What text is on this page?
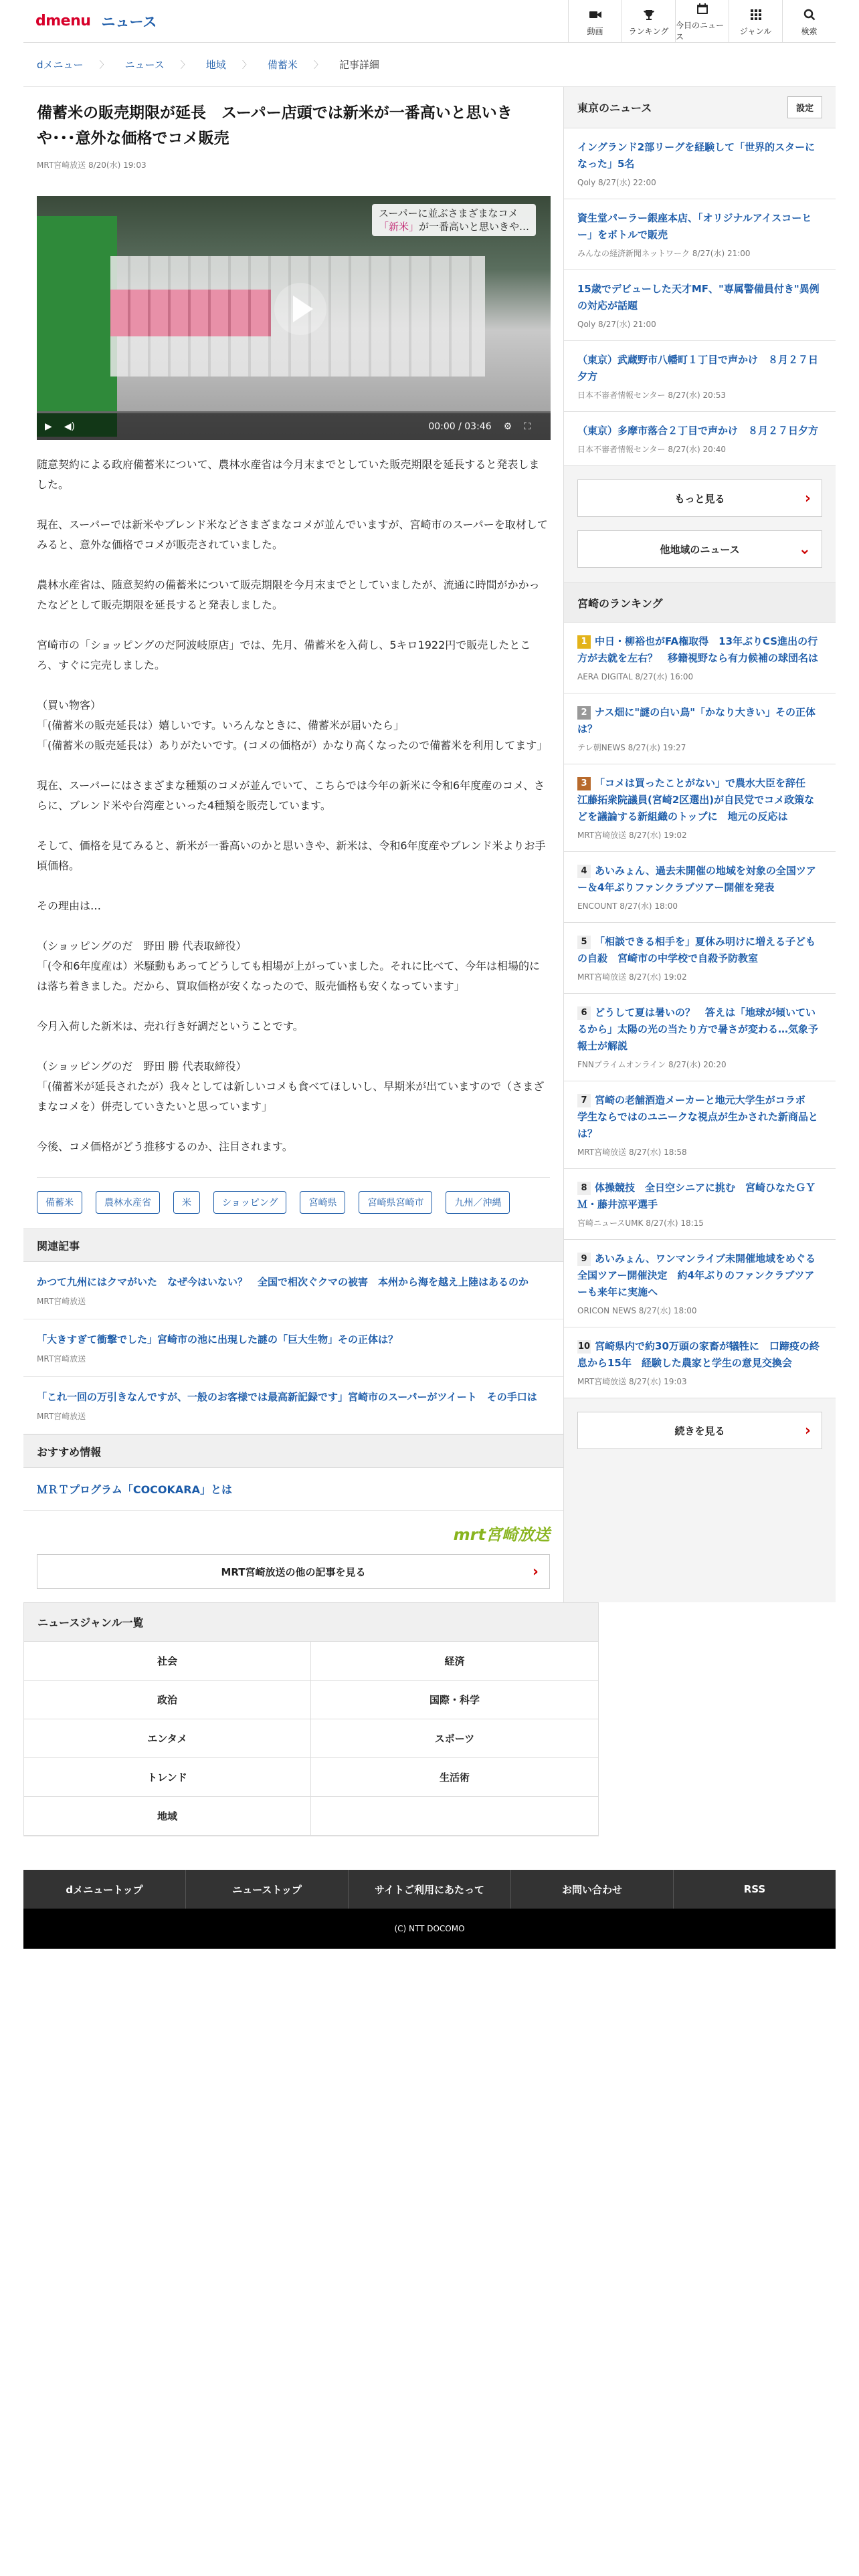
dmenu ニュース
動画	ランキング
今日のニュース
ジャンル	検索
dメニュー 〉 ニュース 〉 地域 〉 備蓄米 〉 記事詳細
備蓄米の販売期限が延長　スーパー店頭では新米が一番高いと思いきや･･･意外な価格でコメ販売
MRT宮崎放送 8/20(水) 19:03
スーパーに並ぶさまざまなコメ
「新米」が一番高いと思いきや…
▶ ◀)	00:00 / 03:46 ⚙ ⛶

随意契約による政府備蓄米について、農林水産省は今月末までとしていた販売期限を延長すると発表しました。

現在、スーパーでは新米やブレンド米などさまざまなコメが並んでいますが、宮崎市のスーパーを取材してみると、意外な価格でコメが販売されていました。

農林水産省は、随意契約の備蓄米について販売期限を今月末までとしていましたが、流通に時間がかかったなどとして販売期限を延長すると発表しました。

宮崎市の「ショッピングのだ阿波岐原店」では、先月、備蓄米を入荷し、5キロ1922円で販売したところ、すぐに完売しました。

（買い物客）
「(備蓄米の販売延長は）嬉しいです。いろんなときに、備蓄米が届いたら」
「(備蓄米の販売延長は）ありがたいです。(コメの価格が）かなり高くなったので備蓄米を利用してます」

現在、スーパーにはさまざまな種類のコメが並んでいて、こちらでは今年の新米に令和6年度産のコメ、さらに、ブレンド米や台湾産といった4種類を販売しています。

そして、価格を見てみると、新米が一番高いのかと思いきや、新米は、令和6年度産やブレンド米よりお手頃価格。

その理由は…

（ショッピングのだ　野田 勝 代表取締役）
「(令和6年度産は）米騒動もあってどうしても相場が上がっていました。それに比べて、今年は相場的には落ち着きました。だから、買取価格が安くなったので、販売価格も安くなっています」

今月入荷した新米は、売れ行き好調だということです。

（ショッピングのだ　野田 勝 代表取締役）
「(備蓄米が延長されたが）我々としては新しいコメも食べてほしいし、早期米が出ていますので（さまざまなコメを）併売していきたいと思っています」

今後、コメ価格がどう推移するのか、注目されます。

備蓄米	農林水産省	米	ショッピング	宮崎県	宮崎県宮崎市	九州／沖縄
関連記事
かつて九州にはクマがいた　なぜ今はいない？　全国で相次ぐクマの被害　本州から海を越え上陸はあるのか
MRT宮崎放送
「大きすぎて衝撃でした」宮崎市の池に出現した謎の「巨大生物」その正体は？
MRT宮崎放送
「これ一回の万引きなんですが、一般のお客様では最高新記録です」宮崎市のスーパーがツイート　その手口は
MRT宮崎放送
おすすめ情報
ＭＲＴプログラム「COCOKARA」とは
mrt宮崎放送
MRT宮崎放送の他の記事を見る	›
東京のニュース	設定
イングランド2部リーグを経験して「世界的スターになった」5名
Qoly 8/27(水) 22:00
資生堂パーラー銀座本店、「オリジナルアイスコーヒー」をボトルで販売
みんなの経済新聞ネットワーク 8/27(水) 21:00
15歳でデビューした天才MF、"専属警備員付き"異例の対応が話題
Qoly 8/27(水) 21:00
（東京）武蔵野市八幡町１丁目で声かけ　８月２７日夕方
日本不審者情報センター 8/27(水) 20:53
（東京）多摩市落合２丁目で声かけ　８月２７日夕方
日本不審者情報センター 8/27(水) 20:40
もっと見る	›
他地域のニュース	⌄
宮崎のランキング
1 中日・柳裕也がFA権取得　13年ぶりCS進出の行方が去就を左右？　移籍視野なら有力候補の球団名は
AERA DIGITAL 8/27(水) 16:00
2 ナス畑に"謎の白い鳥"「かなり大きい」その正体は？
テレ朝NEWS 8/27(水) 19:27
3 「コメは買ったことがない」で農水大臣を辞任　江藤拓衆院議員(宮崎2区選出)が自民党でコメ政策などを議論する新組織のトップに　地元の反応は
MRT宮崎放送 8/27(水) 19:02
4 あいみょん、過去未開催の地域を対象の全国ツアー＆4年ぶりファンクラブツアー開催を発表
ENCOUNT 8/27(水) 18:00
5 「相談できる相手を」夏休み明けに増える子どもの自殺　宮崎市の中学校で自殺予防教室
MRT宮崎放送 8/27(水) 19:02
6 どうして夏は暑いの？　答えは「地球が傾いているから」太陽の光の当たり方で暑さが変わる…気象予報士が解説
FNNプライムオンライン 8/27(水) 20:20
7 宮崎の老舗酒造メーカーと地元大学生がコラボ　学生ならではのユニークな視点が生かされた新商品とは？
MRT宮崎放送 8/27(水) 18:58
8 体操競技　全日空シニアに挑む　宮崎ひなたＧＹＭ・藤井涼平選手
宮崎ニュースUMK 8/27(水) 18:15
9 あいみょん、ワンマンライブ未開催地域をめぐる全国ツアー開催決定　約4年ぶりのファンクラブツアーも来年に実施へ
ORICON NEWS 8/27(水) 18:00
10 宮崎県内で約30万頭の家畜が犠牲に　口蹄疫の終息から15年　経験した農家と学生の意見交換会
MRT宮崎放送 8/27(水) 19:03
続きを見る	›
ニュースジャンル一覧
社会	経済
政治	国際・科学
エンタメ	スポーツ
トレンド	生活術
地域
dメニュートップ	ニューストップ	サイトご利用にあたって	お問い合わせ	RSS
(C) NTT DOCOMO
